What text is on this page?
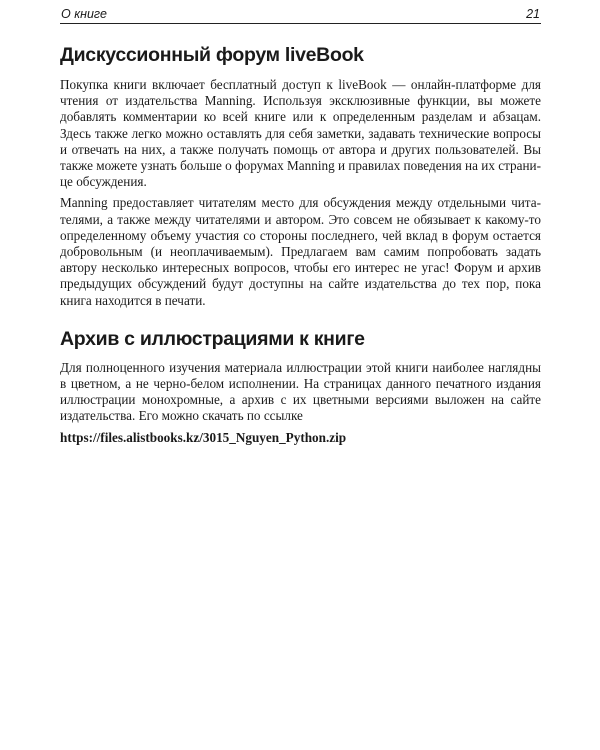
О книге	21
Дискуссионный форум liveBook

Покупка книги включает бесплатный доступ к liveBook — онлайн-платформе для чтения от издательства Manning. Используя эксклюзивные функции, вы можете добавлять комментарии ко всей книге или к определенным разделам и абзацам. Здесь также легко можно оставлять для себя заметки, задавать технические вопросы и отвечать на них, а также получать помощь от автора и других пользователей. Вы также можете узнать больше о форумах Manning и правилах поведения на их странице обсуждения.

Manning предоставляет читателям место для обсуждения между отдельными читателями, а также между читателями и автором. Это совсем не обязывает к какому-то определенному объему участия со стороны последнего, чей вклад в форум остается добровольным (и неоплачиваемым). Предлагаем вам самим попробовать задать автору несколько интересных вопросов, чтобы его интерес не угас! Форум и архив предыдущих обсуждений будут доступны на сайте издательства до тех пор, пока книга находится в печати.

Архив с иллюстрациями к книге

Для полноценного изучения материала иллюстрации этой книги наиболее наглядны в цветном, а не черно-белом исполнении. На страницах данного печатного издания иллюстрации монохромные, а архив с их цветными версиями выложен на сайте издательства. Его можно скачать по ссылке

https://files.alistbooks.kz/3015_Nguyen_Python.zip
